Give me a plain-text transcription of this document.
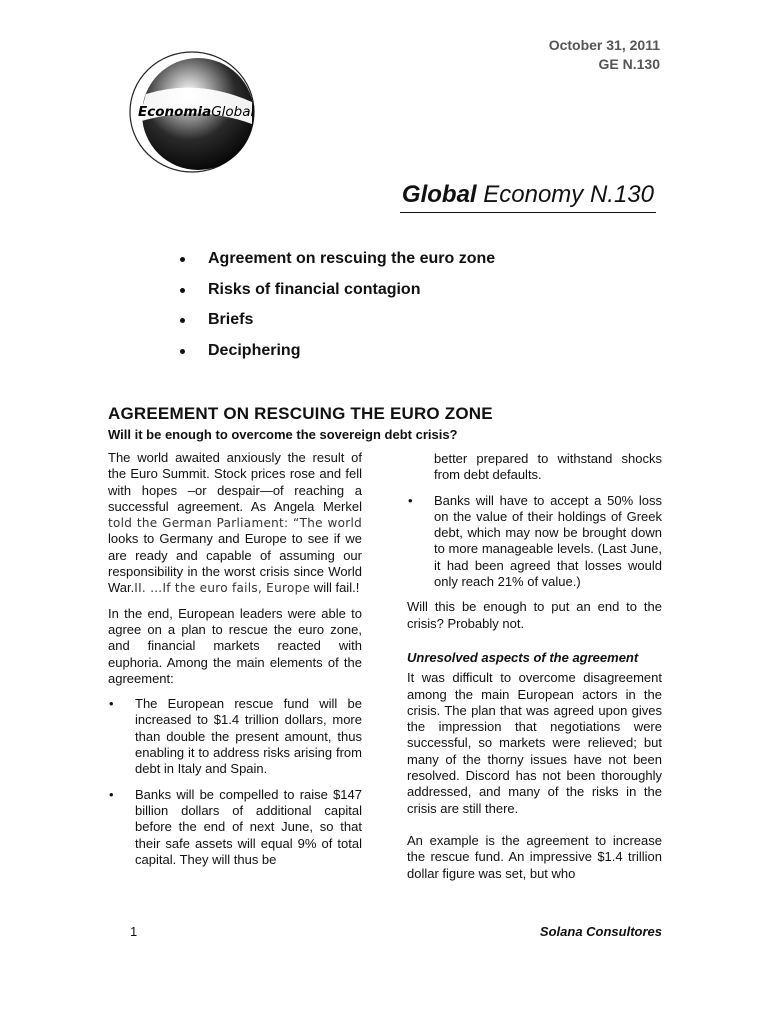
October 31, 2011
GE N.130
EconomiaGlobal
Global Economy N.130
Agreement on rescuing the euro zone
Risks of financial contagion
Briefs
Deciphering
AGREEMENT ON RESCUING THE EURO ZONE
Will it be enough to overcome the sovereign debt crisis?

The world awaited anxiously the result of the Euro Summit. Stock prices rose and fell with hopes –or despair—of reaching a successful agreement. As Angela Merkel told the German Parliament: “The world looks to Germany and Europe to see if we are ready and capable of assuming our responsibility in the worst crisis since World War.II. …If the euro fails, Europe will fail.!

In the end, European leaders were able to agree on a plan to rescue the euro zone, and financial markets reacted with euphoria. Among the main elements of the agreement:

• The European rescue fund will be increased to $1.4 trillion dollars, more than double the present amount, thus enabling it to address risks arising from debt in Italy and Spain.
• Banks will be compelled to raise $147 billion dollars of additional capital before the end of next June, so that their safe assets will equal 9% of total capital. They will thus be
better prepared to withstand shocks from debt defaults.
• Banks will have to accept a 50% loss on the value of their holdings of Greek debt, which may now be brought down to more manageable levels. (Last June, it had been agreed that losses would only reach 21% of value.)

Will this be enough to put an end to the crisis? Probably not.

Unresolved aspects of the agreement

It was difficult to overcome disagreement among the main European actors in the crisis. The plan that was agreed upon gives the impression that negotiations were successful, so markets were relieved; but many of the thorny issues have not been resolved. Discord has not been thoroughly addressed, and many of the risks in the crisis are still there.

An example is the agreement to increase the rescue fund. An impressive $1.4 trillion dollar figure was set, but who

1	Solana Consultores
